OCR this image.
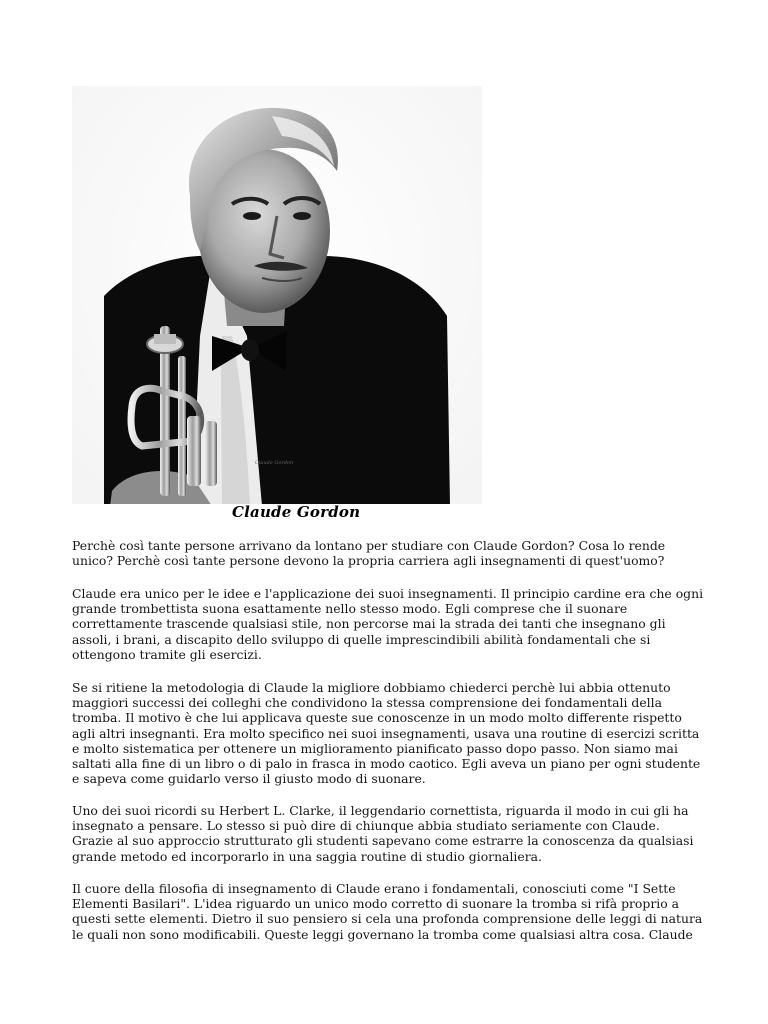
Claude Gordon
Claude Gordon
Perchè così tante persone arrivano da lontano per studiare con Claude Gordon? Cosa lo rende
unico? Perchè così tante persone devono la propria carriera agli insegnamenti di quest'uomo?
Claude era unico per le idee e l'applicazione dei suoi insegnamenti. Il principio cardine era che ogni
grande trombettista suona esattamente nello stesso modo. Egli comprese che il suonare
correttamente trascende qualsiasi stile, non percorse mai la strada dei tanti che insegnano gli
assoli, i brani, a discapito dello sviluppo di quelle imprescindibili abilità fondamentali che si
ottengono tramite gli esercizi.
Se si ritiene la metodologia di Claude la migliore dobbiamo chiederci perchè lui abbia ottenuto
maggiori successi dei colleghi che condividono la stessa comprensione dei fondamentali della
tromba. Il motivo è che lui applicava queste sue conoscenze in un modo molto differente rispetto
agli altri insegnanti. Era molto specifico nei suoi insegnamenti, usava una routine di esercizi scritta
e molto sistematica per ottenere un miglioramento pianificato passo dopo passo. Non siamo mai
saltati alla fine di un libro o di palo in frasca in modo caotico. Egli aveva un piano per ogni studente
e sapeva come guidarlo verso il giusto modo di suonare.
Uno dei suoi ricordi su Herbert L. Clarke, il leggendario cornettista, riguarda il modo in cui gli ha
insegnato a pensare. Lo stesso si può dire di chiunque abbia studiato seriamente con Claude.
Grazie al suo approccio strutturato gli studenti sapevano come estrarre la conoscenza da qualsiasi
grande metodo ed incorporarlo in una saggia routine di studio giornaliera.
Il cuore della filosofia di insegnamento di Claude erano i fondamentali, conosciuti come "I Sette
Elementi Basilari". L'idea riguardo un unico modo corretto di suonare la tromba si rifà proprio a
questi sette elementi. Dietro il suo pensiero si cela una profonda comprensione delle leggi di natura
le quali non sono modificabili. Queste leggi governano la tromba come qualsiasi altra cosa. Claude
